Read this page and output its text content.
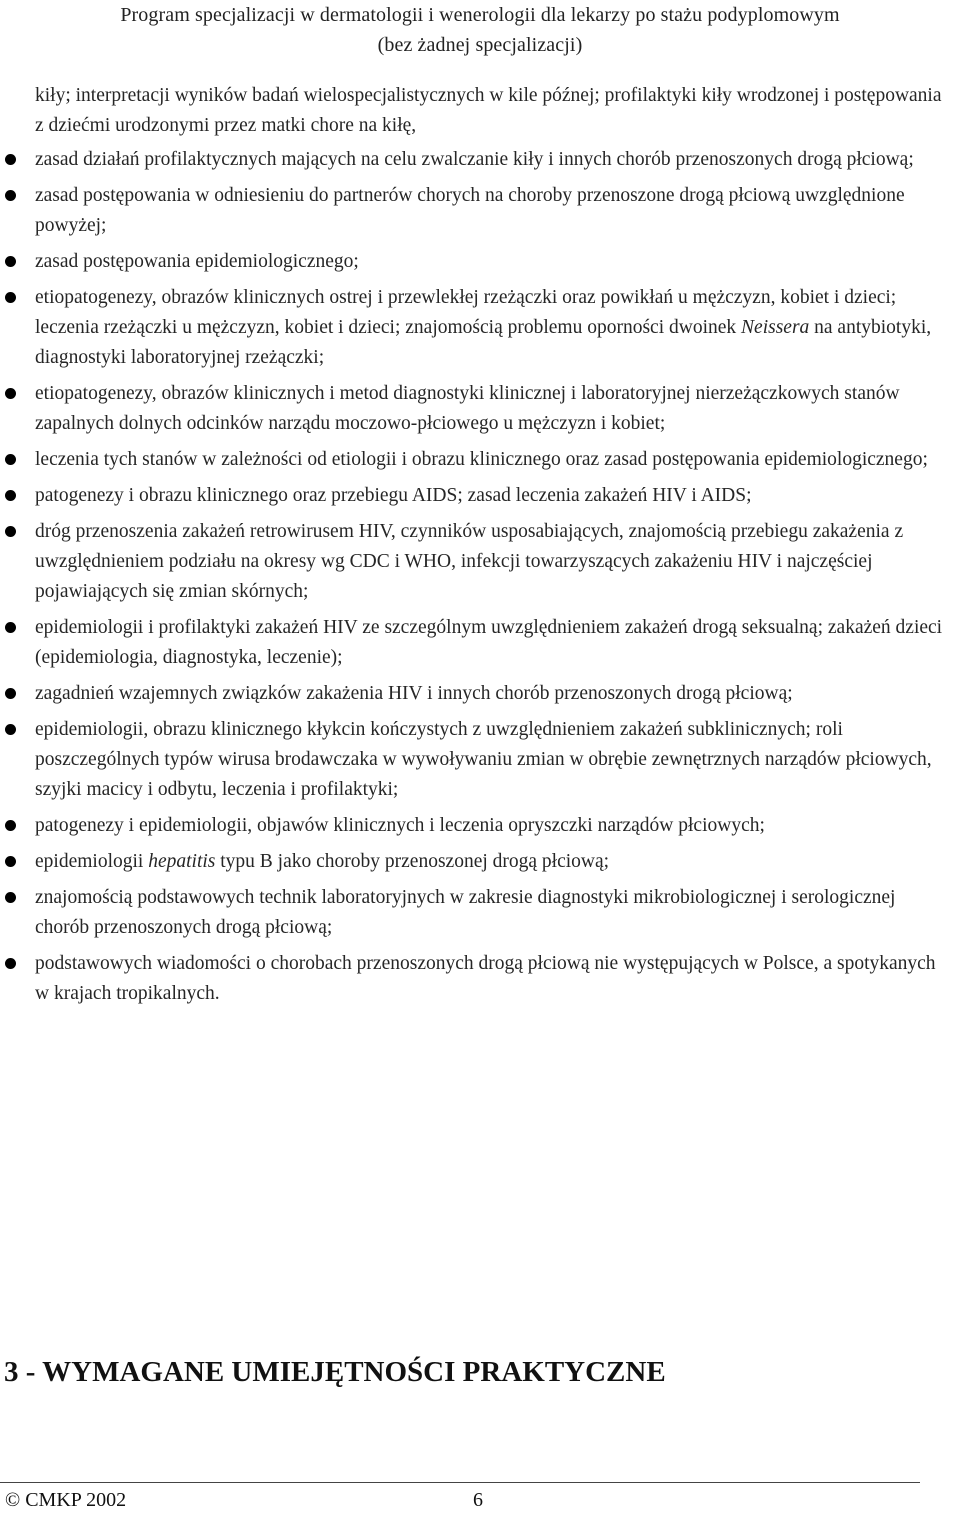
Program specjalizacji w dermatologii i wenerologii dla lekarzy po stażu podyplomowym
(bez żadnej specjalizacji)
kiły; interpretacji wyników badań wielospecjalistycznych w kile późnej; profilaktyki kiły wrodzonej i postępowania z dziećmi urodzonymi przez matki chore na kiłę,
zasad działań profilaktycznych mających na celu zwalczanie kiły i innych chorób przenoszonych drogą płciową;
zasad postępowania w odniesieniu do partnerów chorych na choroby przenoszone drogą płciową uwzględnione powyżej;
zasad postępowania epidemiologicznego;
etiopatogenezy, obrazów klinicznych ostrej i przewlekłej rzeżączki oraz powikłań u mężczyzn, kobiet i dzieci; leczenia rzeżączki u mężczyzn, kobiet i dzieci; znajomością problemu oporności dwoinek Neissera na antybiotyki, diagnostyki laboratoryjnej rzeżączki;
etiopatogenezy, obrazów klinicznych i metod diagnostyki klinicznej i laboratoryjnej nierzeżączkowych stanów zapalnych dolnych odcinków narządu moczowo-płciowego u mężczyzn i kobiet;
leczenia tych stanów w zależności od etiologii i obrazu klinicznego oraz zasad postępowania epidemiologicznego;
patogenezy i obrazu klinicznego oraz przebiegu AIDS; zasad leczenia zakażeń HIV i AIDS;
dróg przenoszenia zakażeń retrowirusem HIV, czynników usposabiających, znajomością przebiegu zakażenia z uwzględnieniem podziału na okresy wg CDC i WHO, infekcji towarzyszących zakażeniu HIV i najczęściej pojawiających się zmian skórnych;
epidemiologii i profilaktyki zakażeń HIV ze szczególnym uwzględnieniem zakażeń drogą seksualną; zakażeń dzieci (epidemiologia, diagnostyka, leczenie);
zagadnień wzajemnych związków zakażenia HIV i innych chorób przenoszonych drogą płciową;
epidemiologii, obrazu klinicznego kłykcin kończystych z uwzględnieniem zakażeń subklinicznych; roli poszczególnych typów wirusa brodawczaka w wywoływaniu zmian w obrębie zewnętrznych narządów płciowych, szyjki macicy i odbytu, leczenia i profilaktyki;
patogenezy i epidemiologii, objawów klinicznych i leczenia opryszczki narządów płciowych;
epidemiologii hepatitis typu B jako choroby przenoszonej drogą płciową;
znajomością podstawowych technik laboratoryjnych w zakresie diagnostyki mikrobiologicznej i serologicznej chorób przenoszonych drogą płciową;
podstawowych wiadomości o chorobach przenoszonych drogą płciową nie występujących w Polsce, a spotykanych w krajach tropikalnych.
3 - WYMAGANE UMIEJĘTNOŚCI PRAKTYCZNE
© CMKP 2002	6
